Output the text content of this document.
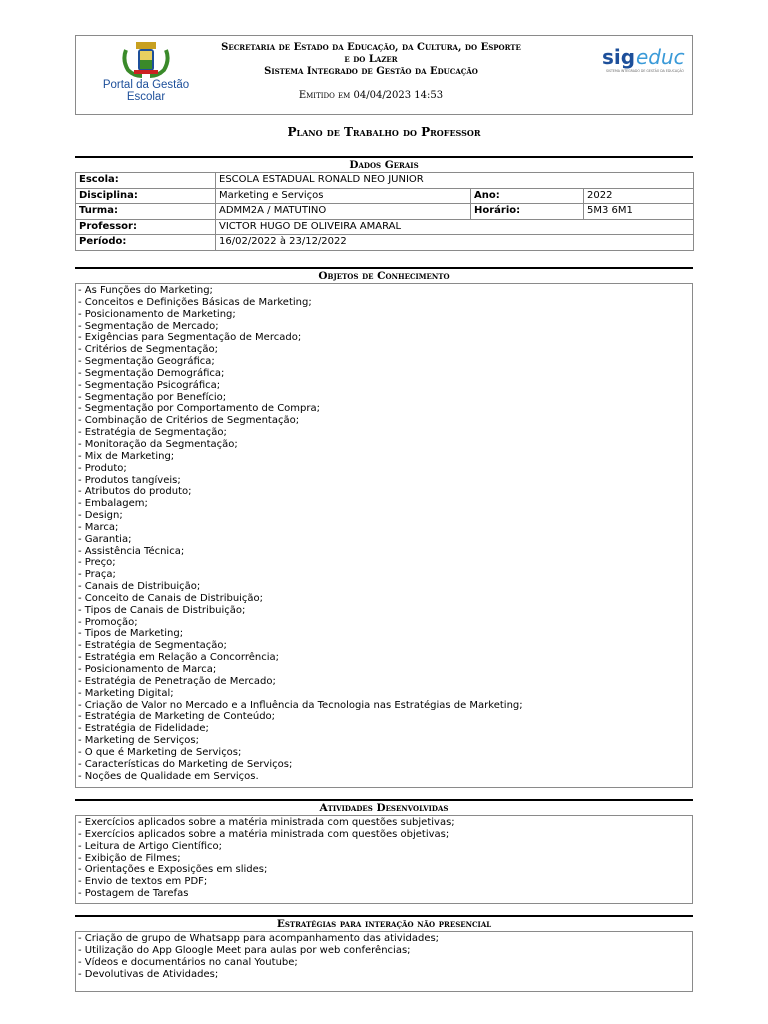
Portal da Gestão Escolar
Secretaria de Estado da Educação, da Cultura, do Esporte
e do Lazer
Sistema Integrado de Gestão da Educação
Emitido em 04/04/2023 14:53
sig educ
SISTEMA INTEGRADO DE GESTÃO DA EDUCAÇÃO
Plano de Trabalho do Professor
Dados Gerais
Escola:	ESCOLA ESTADUAL RONALD NEO JUNIOR		
Disciplina:	Marketing e Serviços	Ano:	2022
Turma:	ADMM2A / MATUTINO	Horário:	5M3 6M1
Professor:	VICTOR HUGO DE OLIVEIRA AMARAL		
Período:	16/02/2022 à 23/12/2022		
Objetos de Conhecimento
- As Funções do Marketing;
- Conceitos e Definições Básicas de Marketing;
- Posicionamento de Marketing;
- Segmentação de Mercado;
- Exigências para Segmentação de Mercado;
- Critérios de Segmentação;
- Segmentação Geográfica;
- Segmentação Demográfica;
- Segmentação Psicográfica;
- Segmentação por Benefício;
- Segmentação por Comportamento de Compra;
- Combinação de Critérios de Segmentação;
- Estratégia de Segmentação;
- Monitoração da Segmentação;
- Mix de Marketing;
- Produto;
- Produtos tangíveis;
- Atributos do produto;
- Embalagem;
- Design;
- Marca;
- Garantia;
- Assistência Técnica;
- Preço;
- Praça;
- Canais de Distribuição;
- Conceito de Canais de Distribuição;
- Tipos de Canais de Distribuição;
- Promoção;
- Tipos de Marketing;
- Estratégia de Segmentação;
- Estratégia em Relação a Concorrência;
- Posicionamento de Marca;
- Estratégia de Penetração de Mercado;
- Marketing Digital;
- Criação de Valor no Mercado e a Influência da Tecnologia nas Estratégias de Marketing;
- Estratégia de Marketing de Conteúdo;
- Estratégia de Fidelidade;
- Marketing de Serviços;
- O que é Marketing de Serviços;
- Características do Marketing de Serviços;
- Noções de Qualidade em Serviços.
Atividades Desenvolvidas
- Exercícios aplicados sobre a matéria ministrada com questões subjetivas;
- Exercícios aplicados sobre a matéria ministrada com questões objetivas;
- Leitura de Artigo Científico;
- Exibição de Filmes;
- Orientações e Exposições em slides;
- Envio de textos em PDF;
- Postagem de Tarefas
Estratégias para interação não presencial
- Criação de grupo de Whatsapp para acompanhamento das atividades;
- Utilização do App Gloogle Meet para aulas por web conferências;
- Vídeos e documentários no canal Youtube;
- Devolutivas de Atividades;
